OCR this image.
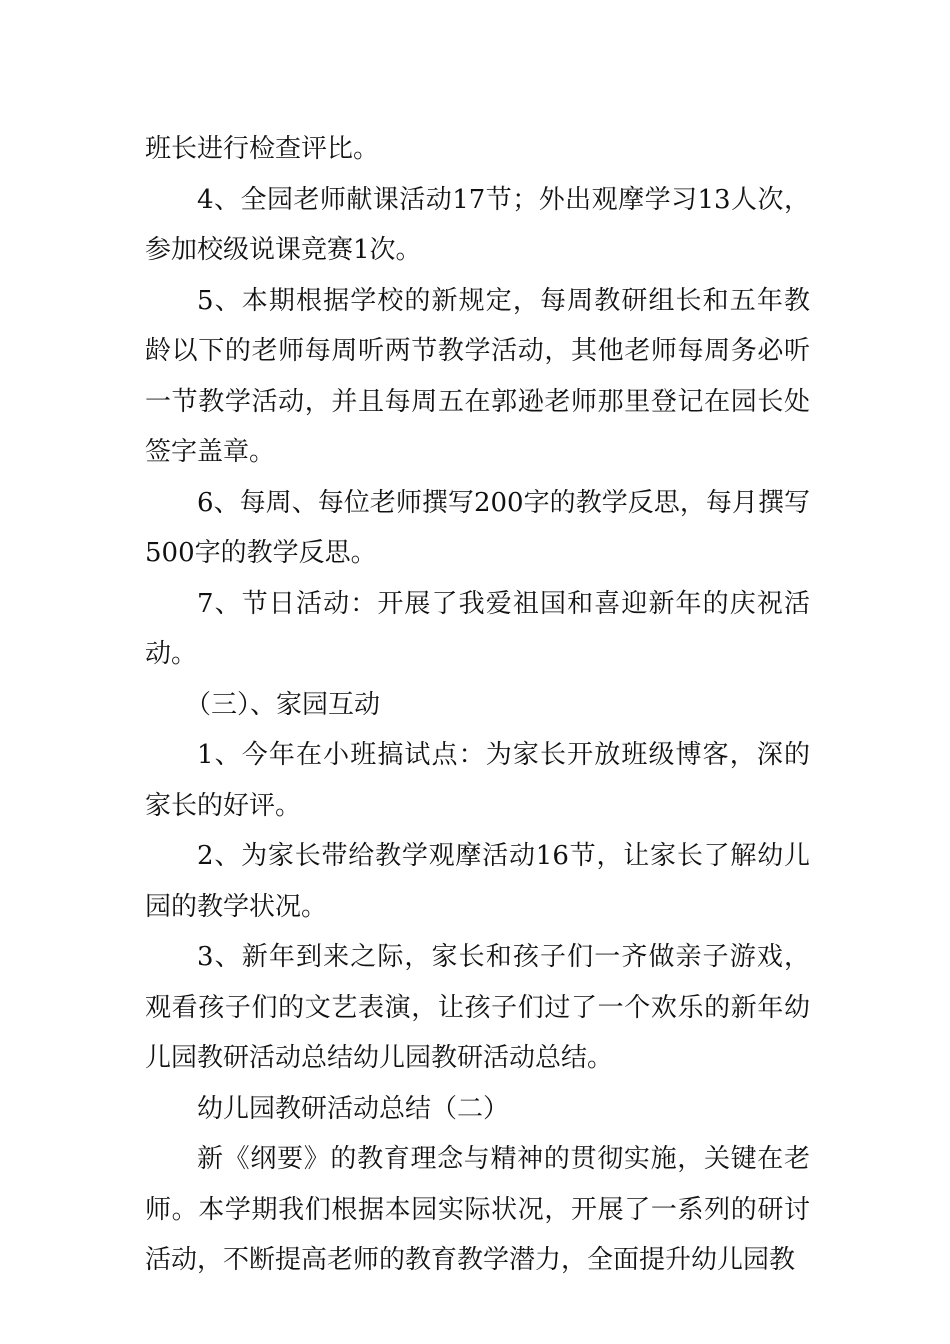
班长进行检查评比。

4、全园老师献课活动17节；外出观摩学习13人次，参加校级说课竞赛1次。

5、本期根据学校的新规定，每周教研组长和五年教龄以下的老师每周听两节教学活动，其他老师每周务必听一节教学活动，并且每周五在郭逊老师那里登记在园长处签字盖章。

6、每周、每位老师撰写200字的教学反思，每月撰写500字的教学反思。

7、节日活动：开展了我爱祖国和喜迎新年的庆祝活动。

（三）、家园互动

1、今年在小班搞试点：为家长开放班级博客，深的家长的好评。

2、为家长带给教学观摩活动16节，让家长了解幼儿园的教学状况。

3、新年到来之际，家长和孩子们一齐做亲子游戏，观看孩子们的文艺表演，让孩子们过了一个欢乐的新年幼儿园教研活动总结幼儿园教研活动总结。

幼儿园教研活动总结（二）

新《纲要》的教育理念与精神的贯彻实施，关键在老师。本学期我们根据本园实际状况，开展了一系列的研讨活动，不断提高老师的教育教学潜力，全面提升幼儿园教
